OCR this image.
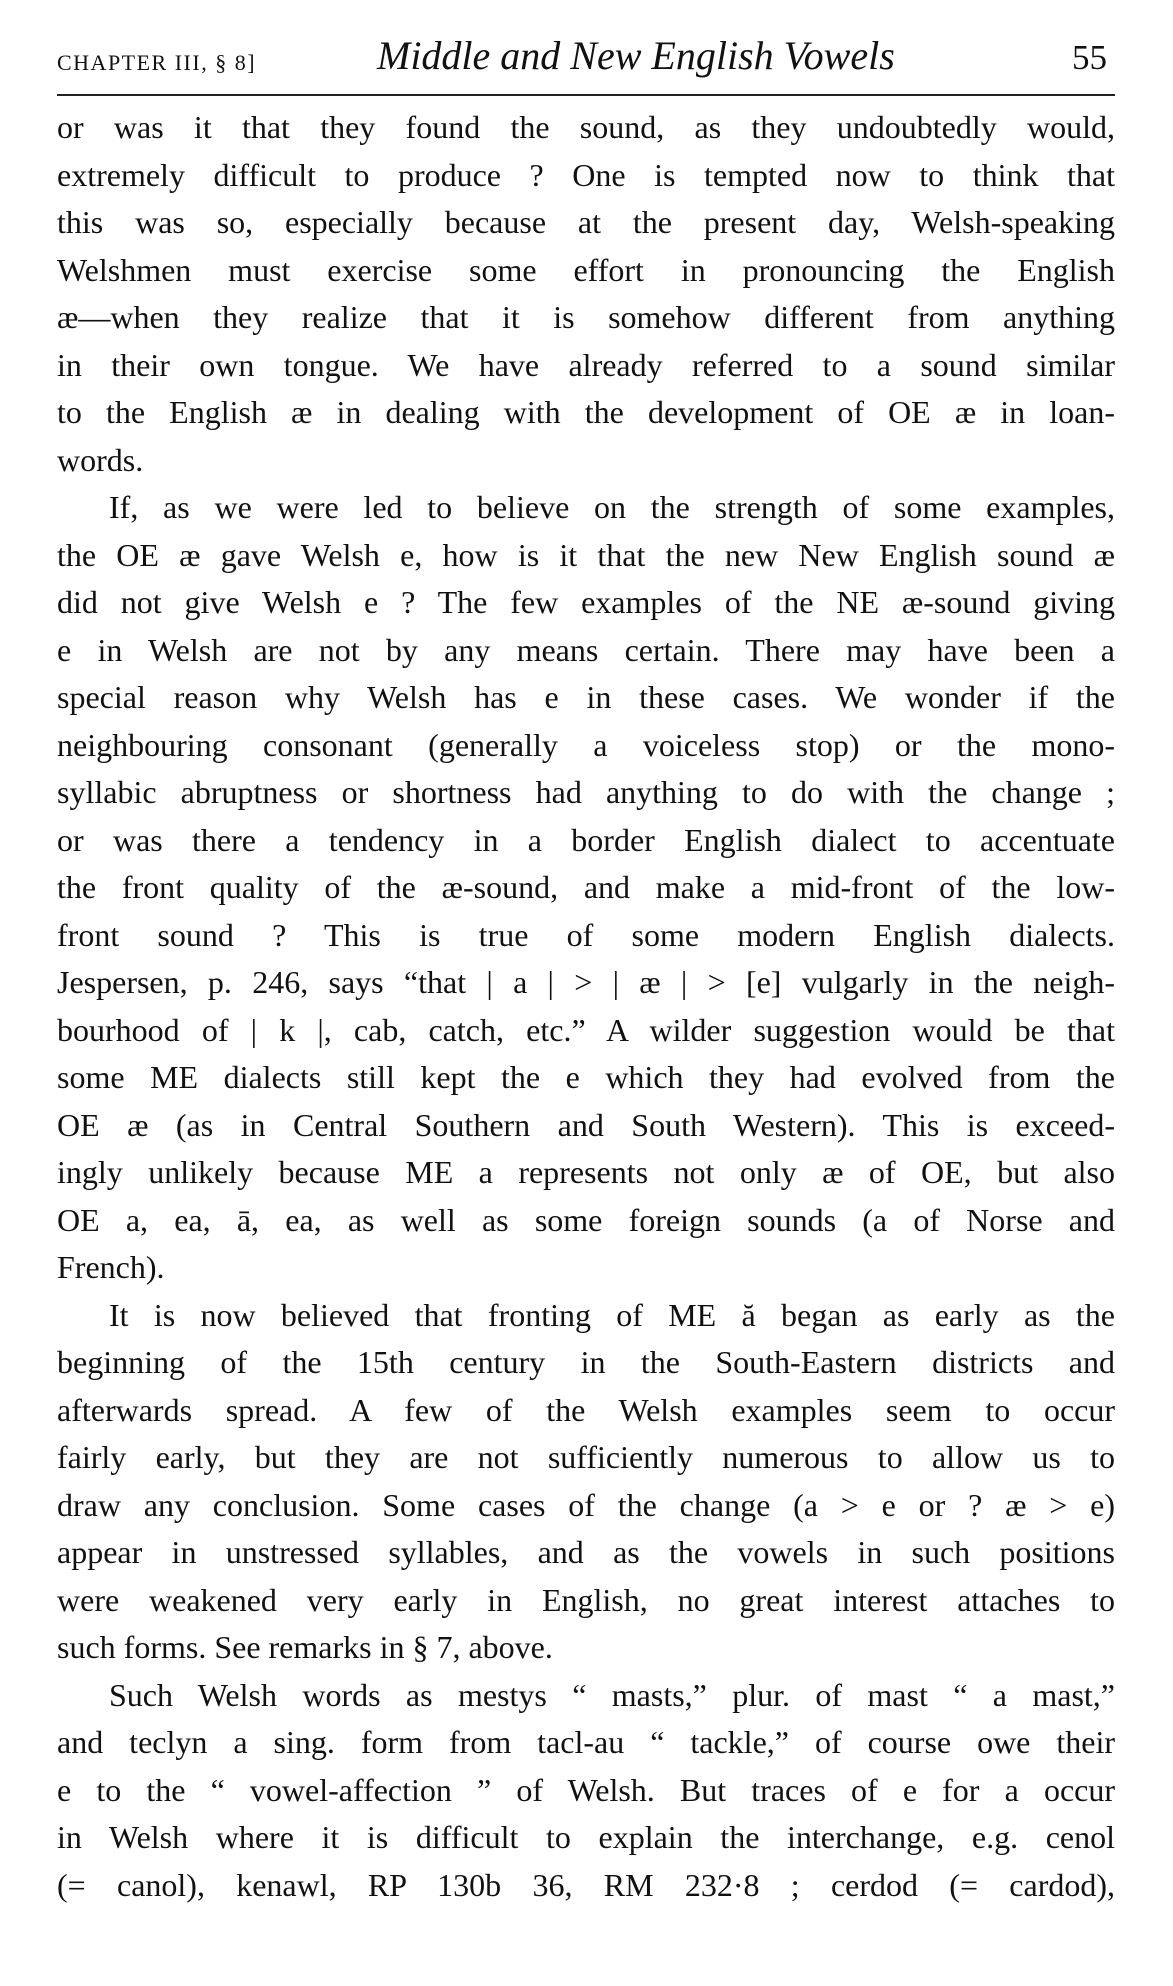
CHAPTER III, § 8]	Middle and New English Vowels	55
or was it that they found the sound, as they undoubtedly would,
extremely difficult to produce ? One is tempted now to think that
this was so, especially because at the present day, Welsh-speaking
Welshmen must exercise some effort in pronouncing the English
æ—when they realize that it is somehow different from anything
in their own tongue. We have already referred to a sound similar
to the English æ in dealing with the development of OE æ in loan-
words.
If, as we were led to believe on the strength of some examples,
the OE æ gave Welsh e, how is it that the new New English sound æ
did not give Welsh e ? The few examples of the NE æ-sound giving
e in Welsh are not by any means certain. There may have been a
special reason why Welsh has e in these cases. We wonder if the
neighbouring consonant (generally a voiceless stop) or the mono-
syllabic abruptness or shortness had anything to do with the change ;
or was there a tendency in a border English dialect to accentuate
the front quality of the æ-sound, and make a mid-front of the low-
front sound ? This is true of some modern English dialects.
Jespersen, p. 246, says “that | a | > | æ | > [e] vulgarly in the neigh-
bourhood of | k |, cab, catch, etc.” A wilder suggestion would be that
some ME dialects still kept the e which they had evolved from the
OE æ (as in Central Southern and South Western). This is exceed-
ingly unlikely because ME a represents not only æ of OE, but also
OE a, ea, ā, ea, as well as some foreign sounds (a of Norse and
French).
It is now believed that fronting of ME ă began as early as the
beginning of the 15th century in the South-Eastern districts and
afterwards spread. A few of the Welsh examples seem to occur
fairly early, but they are not sufficiently numerous to allow us to
draw any conclusion. Some cases of the change (a > e or ? æ > e)
appear in unstressed syllables, and as the vowels in such positions
were weakened very early in English, no great interest attaches to
such forms. See remarks in § 7, above.
Such Welsh words as mestys “ masts,” plur. of mast “ a mast,”
and teclyn a sing. form from tacl-au “ tackle,” of course owe their
e to the “ vowel-affection ” of Welsh. But traces of e for a occur
in Welsh where it is difficult to explain the interchange, e.g. cenol
(= canol), kenawl, RP 130b 36, RM 232·8 ; cerdod (= cardod),
